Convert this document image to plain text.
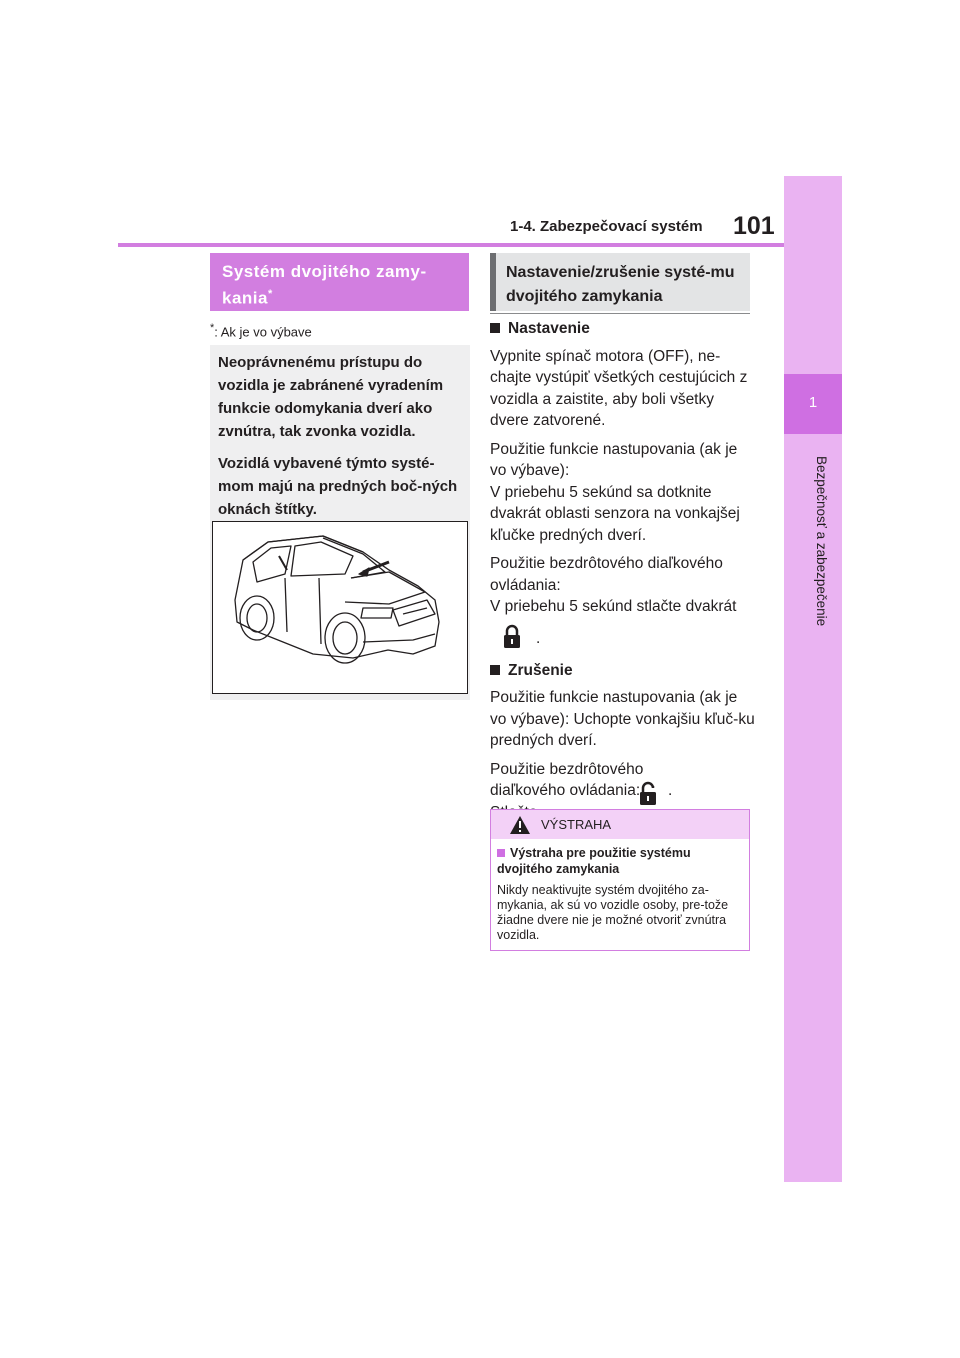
1
Bezpečnosť a zabezpečenie
1-4. Zabezpečovací systém 101
Systém dvojitého zamy-kania*
*: Ak je vo výbave

Neoprávnenému prístupu do vozidla je zabránené vyradením funkcie odomykania dverí ako zvnútra, tak zvonka vozidla.

Vozidlá vybavené týmto systé-mom majú na predných boč-ných oknách štítky.

Nastavenie/zrušenie systé-mu dvojitého zamykania
Nastavenie

Vypnite spínač motora (OFF), ne-chajte vystúpiť všetkých cestujúcich z vozidla a zaistite, aby boli všetky dvere zatvorené.

Použitie funkcie nastupovania (ak je vo výbave):
V priebehu 5 sekúnd sa dotknite dvakrát oblasti senzora na vonkajšej kľučke predných dverí.

Použitie bezdrôtového diaľkového ovládania:
V priebehu 5 sekúnd stlačte dvakrát

.
Zrušenie

Použitie funkcie nastupovania (ak je vo výbave): Uchopte vonkajšiu kľuč-ku predných dverí.

Použitie bezdrôtového diaľkového ovládania: .

VÝSTRAHA
Výstraha pre použitie systému dvojitého zamykania
Nikdy neaktivujte systém dvojitého za-mykania, ak sú vo vozidle osoby, pre-tože žiadne dvere nie je možné otvoriť zvnútra vozidla.
